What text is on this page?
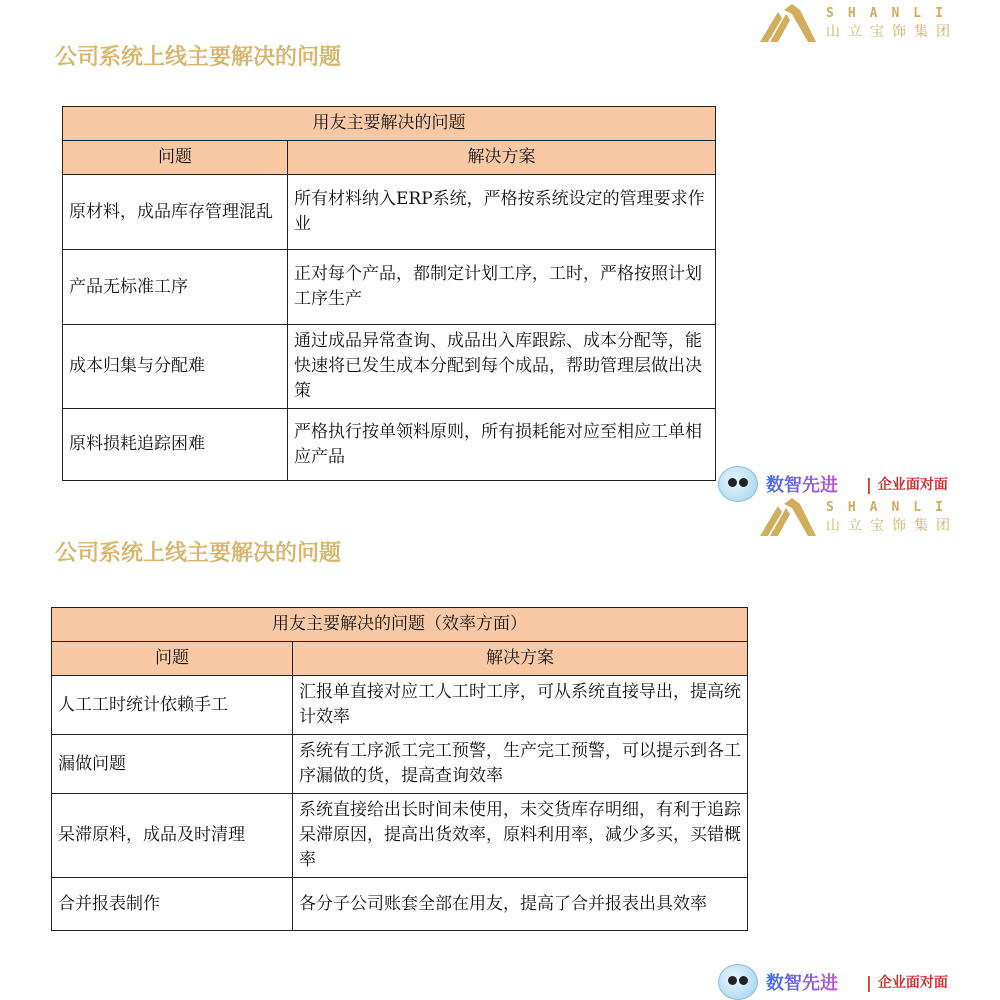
SHANLI
山立宝饰集团
公司系统上线主要解决的问题
用友主要解决的问题	
问题	解决方案
原材料，成品库存管理混乱	所有材料纳入ERP系统，严格按系统设定的管理要求作业
产品无标准工序	正对每个产品，都制定计划工序，工时，严格按照计划工序生产
成本归集与分配难	通过成品异常查询、成品出入库跟踪、成本分配等，能快速将已发生成本分配到每个成品，帮助管理层做出决策
原料损耗追踪困难	严格执行按单领料原则，所有损耗能对应至相应工单相应产品
数智先进 | 企业面对面
SHANLI
山立宝饰集团
公司系统上线主要解决的问题
用友主要解决的问题（效率方面）	
问题	解决方案
人工工时统计依赖手工	汇报单直接对应工人工时工序，可从系统直接导出，提高统计效率
漏做问题	系统有工序派工完工预警，生产完工预警，可以提示到各工序漏做的货，提高查询效率
呆滞原料，成品及时清理	系统直接给出长时间未使用，未交货库存明细，有利于追踪呆滞原因，提高出货效率，原料利用率，减少多买，买错概率
合并报表制作	各分子公司账套全部在用友，提高了合并报表出具效率
数智先进 | 企业面对面
